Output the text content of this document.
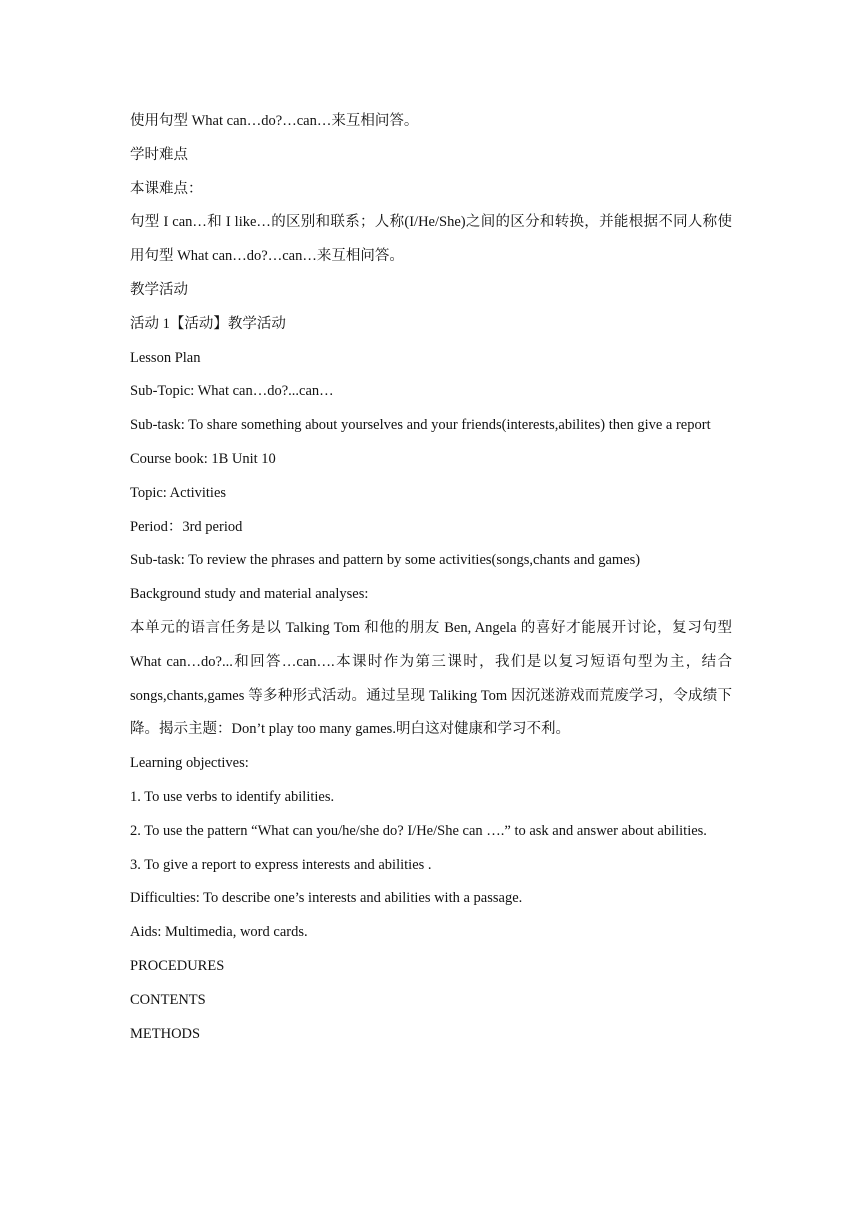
使用句型 What can…do?…can…来互相问答。

学时难点

本课难点：

句型 I can…和 I like…的区别和联系；人称(I/He/She)之间的区分和转换，并能根据不同人称使用句型 What can…do?…can…来互相问答。

教学活动

活动 1【活动】教学活动

Lesson Plan

Sub-Topic: What can…do?...can…

Sub-task: To share something about yourselves and your friends(interests,abilites) then give a report

Course book: 1B Unit 10

Topic: Activities

Period：3rd period

Sub-task: To review the phrases and pattern by some activities(songs,chants and games)

Background study and material analyses:

本单元的语言任务是以 Talking Tom 和他的朋友 Ben, Angela 的喜好才能展开讨论，复习句型 What can…do?...和回答…can….本课时作为第三课时，我们是以复习短语句型为主，结合 songs,chants,games 等多种形式活动。通过呈现 Taliking Tom 因沉迷游戏而荒废学习，令成绩下降。揭示主题：Don’t play too many games.明白这对健康和学习不利。

Learning objectives:

1. To use verbs to identify abilities.

2. To use the pattern “What can you/he/she do? I/He/She can ….” to ask and answer about abilities.

3. To give a report to express interests and abilities .

Difficulties: To describe one’s interests and abilities with a passage.

Aids: Multimedia, word cards.

PROCEDURES

CONTENTS

METHODS
